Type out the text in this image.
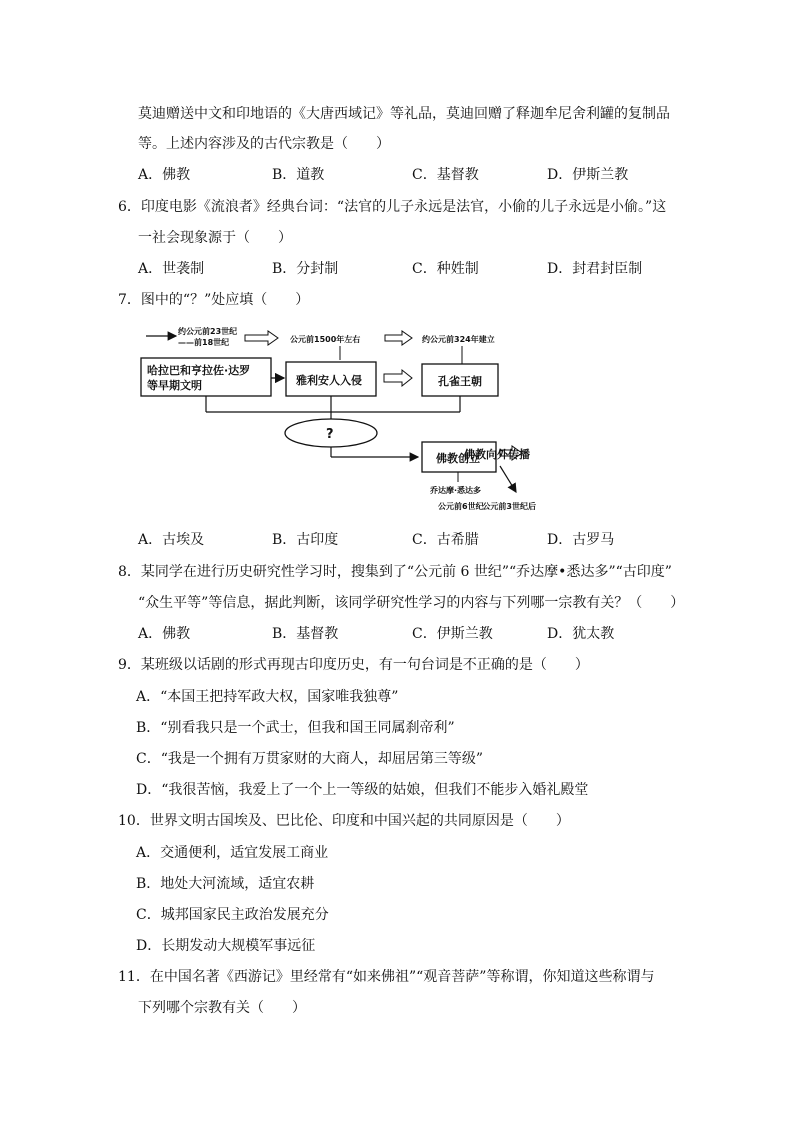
莫迪赠送中文和印地语的《大唐西域记》等礼品，莫迪回赠了释迦牟尼舍利罐的复制品
等。上述内容涉及的古代宗教是（　　）
A．佛教	B．道教	C．基督教	D．伊斯兰教
6．印度电影《流浪者》经典台词：“法官的儿子永远是法官，小偷的儿子永远是小偷。”这
一社会现象源于（　　）
A．世袭制	B．分封制	C．种姓制	D．封君封臣制
7．图中的“？”处应填（　　）
约公元前23世纪
——前18世纪	公元前1500年左右	约公元前324年建立
哈拉巴和亨拉佐·达罗
等早期文明	雅利安人入侵	孔雀王朝
?
佛教创立
佛教向外传播
乔达摩·悉达多
公元前6世纪
公元前3世纪后
A．古埃及	B．古印度	C．古希腊	D．古罗马
8．某同学在进行历史研究性学习时，搜集到了“公元前 6 世纪”“乔达摩•悉达多”“古印度”
“众生平等”等信息，据此判断，该同学研究性学习的内容与下列哪一宗教有关？（　　）
A．佛教	B．基督教	C．伊斯兰教	D．犹太教
9．某班级以话剧的形式再现古印度历史，有一句台词是不正确的是（　　）
A．“本国王把持军政大权，国家唯我独尊”
B．“别看我只是一个武士，但我和国王同属刹帝利”
C．“我是一个拥有万贯家财的大商人，却屈居第三等级”
D．“我很苦恼，我爱上了一个上一等级的姑娘，但我们不能步入婚礼殿堂
10．世界文明古国埃及、巴比伦、印度和中国兴起的共同原因是（　　）
A．交通便利，适宜发展工商业
B．地处大河流域，适宜农耕
C．城邦国家民主政治发展充分
D．长期发动大规模军事远征
11．在中国名著《西游记》里经常有“如来佛祖”“观音菩萨”等称谓，你知道这些称谓与
下列哪个宗教有关（　　）
